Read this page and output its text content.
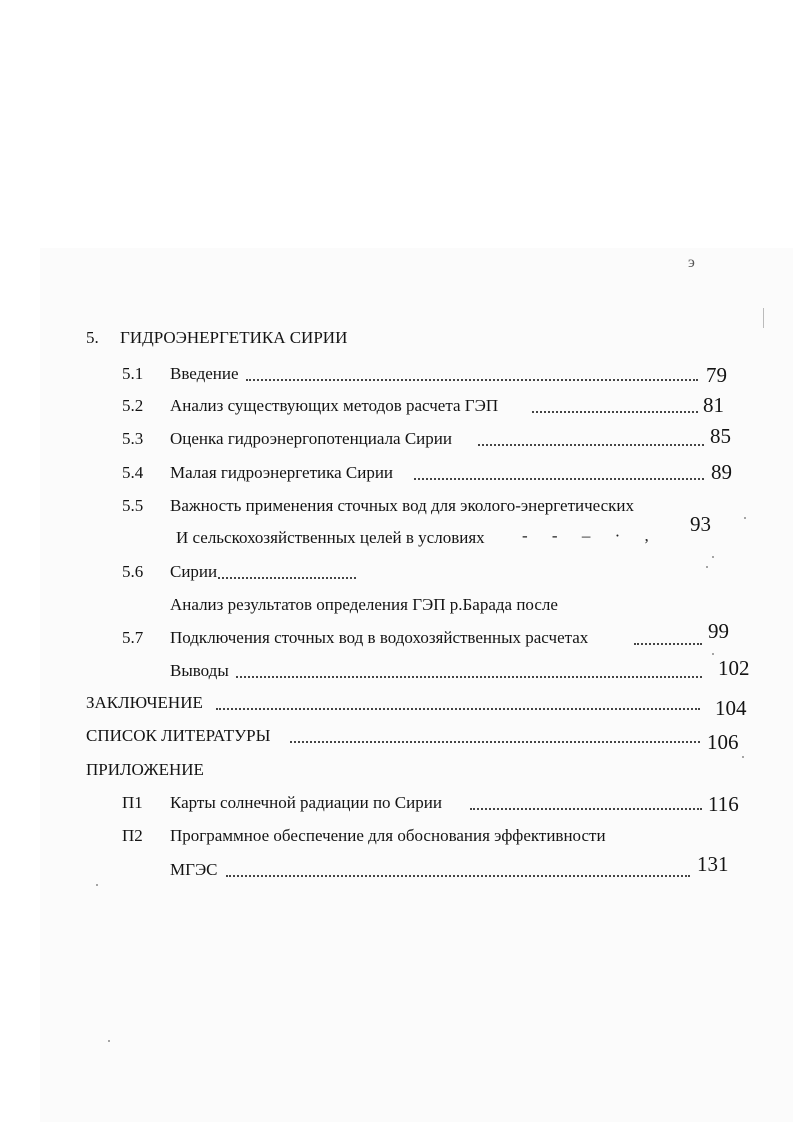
э
5. ГИДРОЭНЕРГЕТИКА СИРИИ
5.1 Введение	79
5.2 Анализ существующих методов расчета ГЭП	81
5.3 Оценка гидроэнергопотенциала Сирии	85
5.4 Малая гидроэнергетика Сирии	89
5.5 Важность применения сточных вод для эколого-энергетических
И сельскохозяйственных целей в условиях - - – · , 93
5.6 Сирии
Анализ результатов определения ГЭП р.Барада после
5.7 Подключения сточных вод в водохозяйственных расчетах	99
Выводы	102
ЗАКЛЮЧЕНИЕ	104
СПИСОК ЛИТЕРАТУРЫ	106
ПРИЛОЖЕНИЕ
П1 Карты солнечной радиации по Сирии	116
П2 Программное обеспечение для обоснования эффективности
МГЭС	131
